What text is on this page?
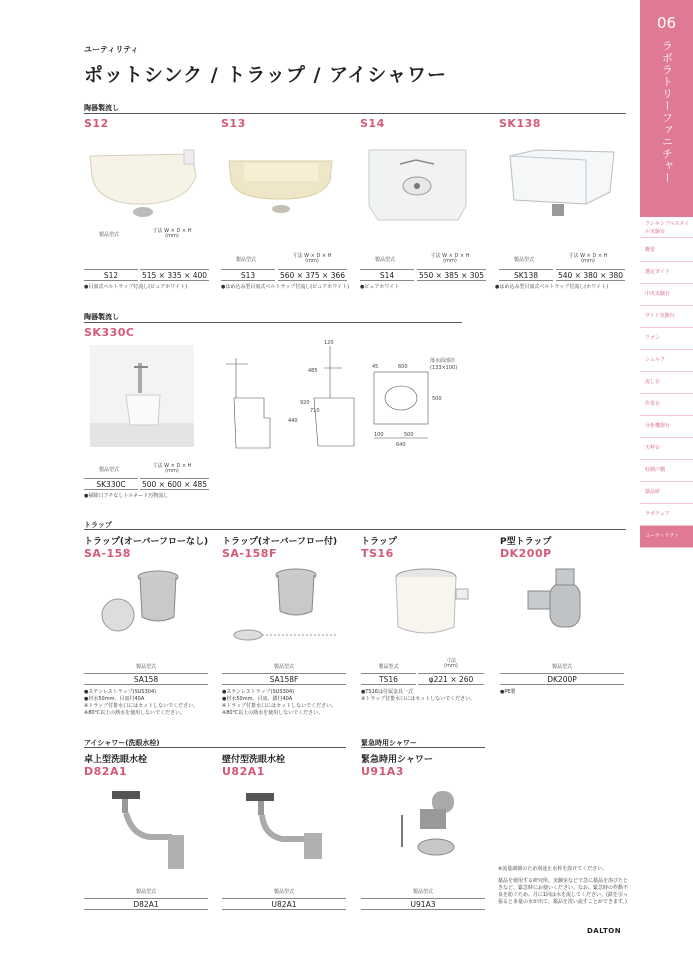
ユーティリティ
ポットシンク / トラップ / アイシャワー
陶器製流し
S12
製品型式
寸法 W × D × H
(mm)
S12	515 × 335 × 400
●目皿式ベルトラップ付流し(ピュアホワイト)
S13
製品型式
寸法 W × D × H
(mm)
S13	560 × 375 × 366
●はめ込み型目皿式ベルトラップ付流し(ピュアホワイト)
S14
製品型式
寸法 W × D × H
(mm)
S14	550 × 385 × 305
●ピュアホワイト
SK138
製品型式
寸法 W × D × H
(mm)
SK138	540 × 380 × 380
●はめ込み型目皿式ベルトラップ付流し(ホワイト)
陶器製流し
SK330C
120
485
920
710
440
600
45
500
500
100
640
落水面部径
(133×100)
製品型式
寸法 W × D × H
(mm)
SK330C	500 × 600 × 485
●掃除口フチなしトルネード汚物流し
トラップ
トラップ(オーバーフローなし)
SA-158
製品型式
SA158
●ステンレストラップ(SUS304)
●材水50mm、目皿付40A
※トラップ付排水口にはセットしないでください。
※80℃以上の熱水を使用しないでください。
トラップ(オーバーフロー付)
SA-158F
製品型式
SA158F
●ステンレストラップ(SUS304)
●材水50mm、目皿、鎖付40A
※トラップ付排水口にはセットしないでください。
※80℃以上の熱水を使用しないでください。
トラップ
TS16
製品型式
寸法
(mm)
TS16	φ221 × 260
●TS16は付属金具一式
※トラップ付排水口にはセットしないでください。
P型トラップ
DK200P
製品型式
DK200P
●PE製
アイシャワー(洗眼水栓)	緊急時用シャワー
卓上型洗眼水栓
D82A1
製品型式
D82A1
壁付型洗眼水栓
U82A1
製品型式
U82A1
緊急時用シャワー
U91A3
製品型式
U91A3
※流量調節のため別途止水栓を設けてください。
薬品を使用する研究所、実験室などで急に薬品を浴びたときなど、緊急時にお使いください。なお、緊急時の作動不良を防ぐため、月に1回は水を流してください。(鉄を引っ張ると多量の水が出て、薬品を洗い流すことができます。)
DALTON
06
ラボラトリーファニチャー
フレキシブルスタイル実験台
概要
選定ガイド
中央実験台
サイド実験台
ワゴン
シェルフ
流し台
作業台
分析機器台
天秤台
収納戸棚
薬品庫
ラボチェア
ユーティリティ
